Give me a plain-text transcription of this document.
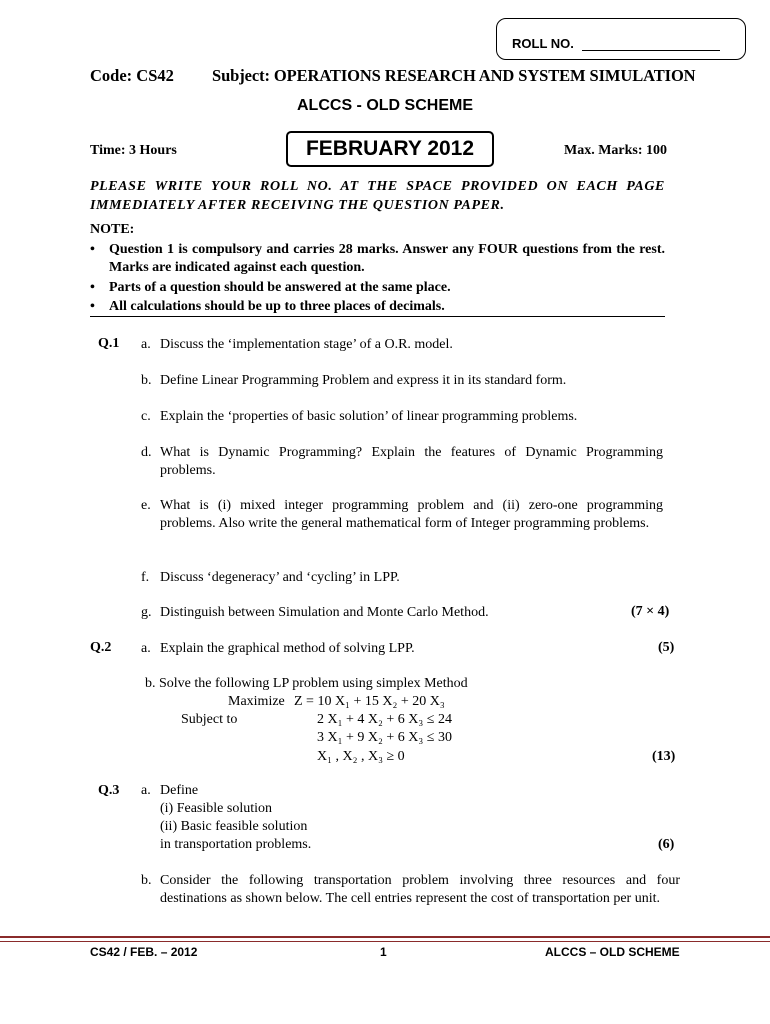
ROLL NO.
Code: CS42 Subject: OPERATIONS RESEARCH AND SYSTEM SIMULATION
ALCCS - OLD SCHEME
Time: 3 Hours	FEBRUARY 2012	Max. Marks: 100
PLEASE WRITE YOUR ROLL NO. AT THE SPACE PROVIDED ON EACH PAGE IMMEDIATELY AFTER RECEIVING THE QUESTION PAPER.
NOTE:
• Question 1 is compulsory and carries 28 marks. Answer any FOUR questions from the rest. Marks are indicated against each question.
• Parts of a question should be answered at the same place.
• All calculations should be up to three places of decimals.
Q.1 a. Discuss the ‘implementation stage’ of a O.R. model.
b. Define Linear Programming Problem and express it in its standard form.
c. Explain the ‘properties of basic solution’ of linear programming problems.
d. What is Dynamic Programming? Explain the features of Dynamic Programming problems.
e. What is (i) mixed integer programming problem and (ii) zero-one programming problems. Also write the general mathematical form of Integer programming problems.
f. Discuss ‘degeneracy’ and ‘cycling’ in LPP.
g. Distinguish between Simulation and Monte Carlo Method.	(7 × 4)
Q.2 a. Explain the graphical method of solving LPP.	(5)
b. Solve the following LP problem using simplex Method
Maximize Z = 10 X₁ + 15 X₂ + 20 X₃
Subject to	2 X₁ + 4 X₂ + 6 X₃ ≤ 24
3 X₁ + 9 X₂ + 6 X₃ ≤ 30
X₁ , X₂ , X₃ ≥ 0	(13)
Q.3 a. Define
(i) Feasible solution
(ii) Basic feasible solution
in transportation problems.	(6)
b. Consider the following transportation problem involving three resources and four destinations as shown below. The cell entries represent the cost of transportation per unit.
CS42 / FEB. – 2012	1	ALCCS – OLD SCHEME
